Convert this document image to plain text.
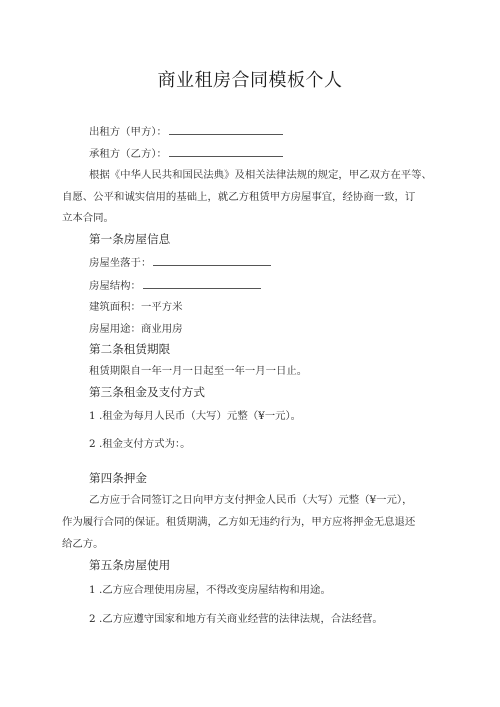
商业租房合同模板个人
出租方（甲方）：
承租方（乙方）：
根据《中华人民共和国民法典》及相关法律法规的规定，甲乙双方在平等、
自愿、公平和诚实信用的基础上，就乙方租赁甲方房屋事宜，经协商一致，订
立本合同。
第一条房屋信息
房屋坐落于：
房屋结构：
建筑面积：一平方米
房屋用途：商业用房
第二条租赁期限
租赁期限自一年一月一日起至一年一月一日止。
第三条租金及支付方式
1 .租金为每月人民币（大写）元整（¥一元）。
2 .租金支付方式为：。
第四条押金
乙方应于合同签订之日向甲方支付押金人民币（大写）元整（¥一元），
作为履行合同的保证。租赁期满，乙方如无违约行为，甲方应将押金无息退还
给乙方。
第五条房屋使用
1 .乙方应合理使用房屋，不得改变房屋结构和用途。
2 .乙方应遵守国家和地方有关商业经营的法律法规，合法经营。
